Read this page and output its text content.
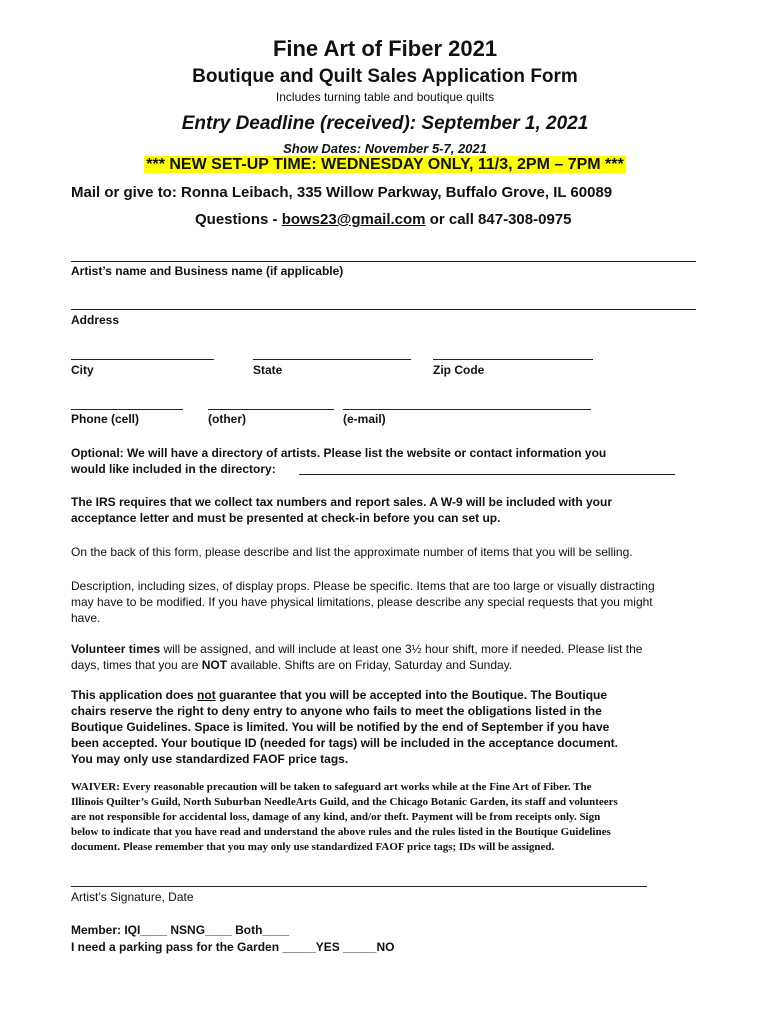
Fine Art of Fiber 2021
Boutique and Quilt Sales Application Form
Includes turning table and boutique quilts
Entry Deadline (received): September 1, 2021
Show Dates: November 5-7, 2021
*** NEW SET-UP TIME: WEDNESDAY ONLY, 11/3, 2PM – 7PM ***
Mail or give to: Ronna Leibach, 335 Willow Parkway, Buffalo Grove, IL 60089
Questions - bows23@gmail.com or call 847-308-0975
Artist’s name and Business name (if applicable)
Address
City	State	Zip Code
Phone (cell)	(other)	(e-mail)
Optional: We will have a directory of artists. Please list the website or contact information you
would like included in the directory:
The IRS requires that we collect tax numbers and report sales. A W-9 will be included with your
acceptance letter and must be presented at check-in before you can set up.
On the back of this form, please describe and list the approximate number of items that you will be selling.
Description, including sizes, of display props. Please be specific. Items that are too large or visually distracting
may have to be modified. If you have physical limitations, please describe any special requests that you might
have.
Volunteer times will be assigned, and will include at least one 3½ hour shift, more if needed. Please list the
days, times that you are NOT available. Shifts are on Friday, Saturday and Sunday.
This application does not guarantee that you will be accepted into the Boutique. The Boutique
chairs reserve the right to deny entry to anyone who fails to meet the obligations listed in the
Boutique Guidelines. Space is limited. You will be notified by the end of September if you have
been accepted. Your boutique ID (needed for tags) will be included in the acceptance document.
You may only use standardized FAOF price tags.
WAIVER: Every reasonable precaution will be taken to safeguard art works while at the Fine Art of Fiber. The
Illinois Quilter’s Guild, North Suburban NeedleArts Guild, and the Chicago Botanic Garden, its staff and volunteers
are not responsible for accidental loss, damage of any kind, and/or theft. Payment will be from receipts only. Sign
below to indicate that you have read and understand the above rules and the rules listed in the Boutique Guidelines
document. Please remember that you may only use standardized FAOF price tags; IDs will be assigned.
Artist’s Signature, Date
Member: IQI____ NSNG____ Both____
I need a parking pass for the Garden _____YES _____NO
